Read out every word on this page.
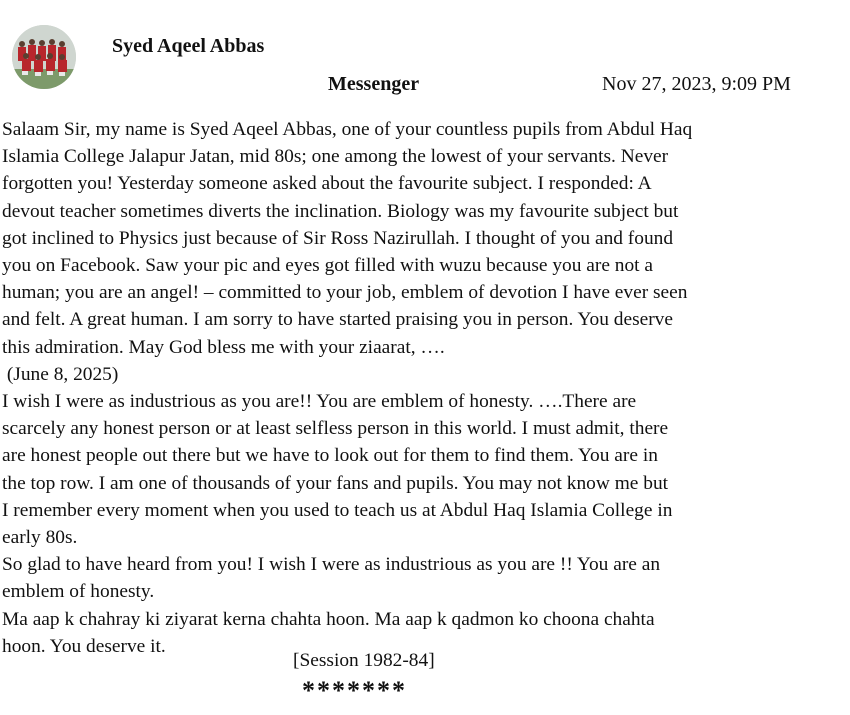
Syed Aqeel Abbas
Messenger	Nov 27, 2023, 9:09 PM
Salaam Sir, my name is Syed Aqeel Abbas, one of your countless pupils from Abdul Haq
Islamia College Jalapur Jatan, mid 80s; one among the lowest of your servants. Never
forgotten you! Yesterday someone asked about the favourite subject. I responded: A
devout teacher sometimes diverts the inclination. Biology was my favourite subject but
got inclined to Physics just because of Sir Ross Nazirullah. I thought of you and found
you on Facebook. Saw your pic and eyes got filled with wuzu because you are not a
human; you are an angel! – committed to your job, emblem of devotion I have ever seen
and felt. A great human. I am sorry to have started praising you in person. You deserve
this admiration. May God bless me with your ziaarat, ….
(June 8, 2025)
I wish I were as industrious as you are!! You are emblem of honesty. ….There are
scarcely any honest person or at least selfless person in this world. I must admit, there
are honest people out there but we have to look out for them to find them. You are in
the top row. I am one of thousands of your fans and pupils. You may not know me but
I remember every moment when you used to teach us at Abdul Haq Islamia College in
early 80s.
So glad to have heard from you! I wish I were as industrious as you are !! You are an
emblem of honesty.
Ma aap k chahray ki ziyarat kerna chahta hoon. Ma aap k qadmon ko choona chahta
hoon. You deserve it.
[Session 1982-84]
*******
